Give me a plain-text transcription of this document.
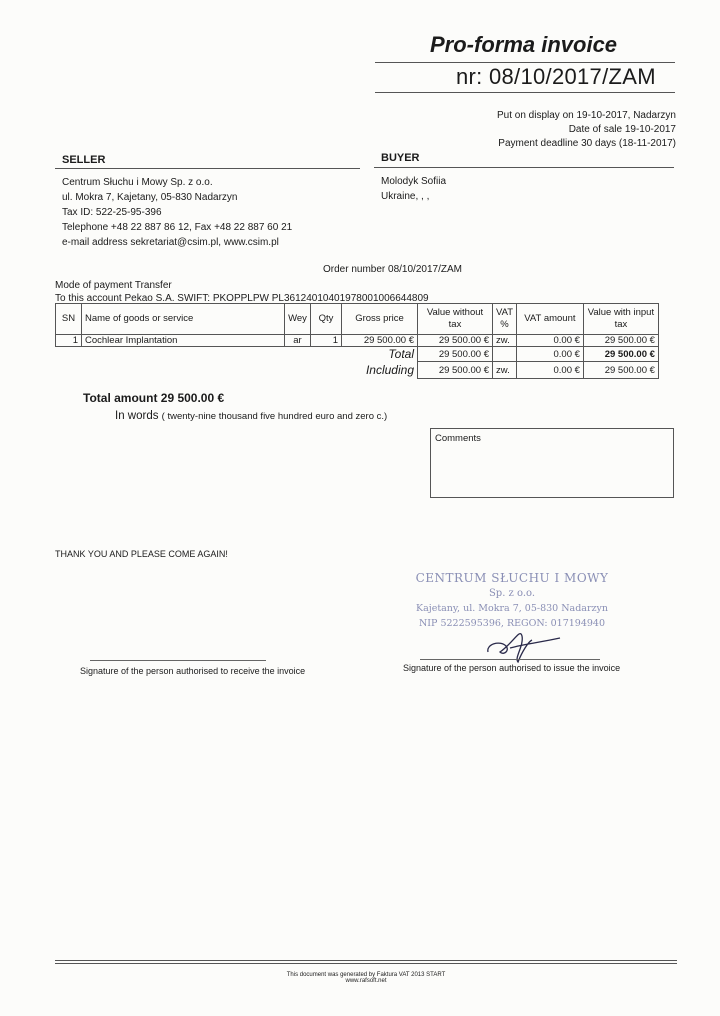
Pro-forma invoice
nr: 08/10/2017/ZAM
Put on display on 19-10-2017, Nadarzyn
Date of sale 19-10-2017
Payment deadline 30 days (18-11-2017)
SELLER
Centrum Słuchu i Mowy Sp. z o.o.
ul. Mokra 7, Kajetany, 05-830 Nadarzyn
Tax ID: 522-25-95-396
Telephone +48 22 887 86 12, Fax +48 22 887 60 21
e-mail address sekretariat@csim.pl, www.csim.pl
BUYER
Molodyk Sofiia
Ukraine, , ,
Order number 08/10/2017/ZAM
Mode of payment Transfer
To this account Pekao S.A. SWIFT: PKOPPLPW PL36124010401978001006644809
SN	Name of goods or service	Wey	Qty	Gross price	Value without tax	VAT %	VAT amount	Value with input tax
1	Cochlear Implantation	ar	1	29 500.00 €	29 500.00 €	zw.	0.00 €	29 500.00 €
				Total	29 500.00 €		0.00 €	29 500.00 €
				Including	29 500.00 €	zw.	0.00 €	29 500.00 €
Total amount 29 500.00 €
In words ( twenty-nine thousand five hundred euro and zero c.)
Comments
THANK YOU AND PLEASE COME AGAIN!
CENTRUM SŁUCHU I MOWY
Sp. z o.o.
Kajetany, ul. Mokra 7, 05-830 Nadarzyn
NIP 5222595396, REGON: 017194940
Signature of the person authorised to receive the invoice	Signature of the person authorised to issue the invoice
This document was generated by Faktura VAT 2013 START
www.rafsoft.net
